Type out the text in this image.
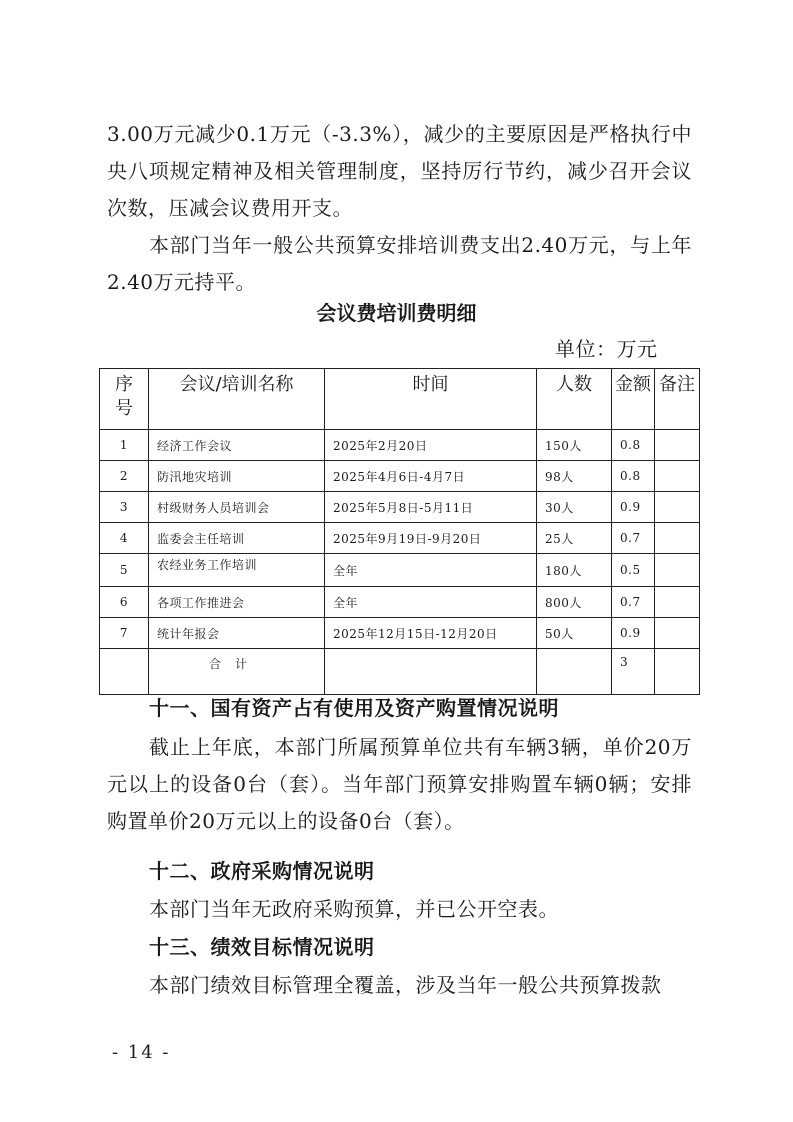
3.00万元减少0.1万元（-3.3%），减少的主要原因是严格执行中央八项规定精神及相关管理制度，坚持厉行节约，减少召开会议次数，压减会议费用开支。

本部门当年一般公共预算安排培训费支出2.40万元，与上年2.40万元持平。

会议费培训费明细

单位：万元

序号	会议/培训名称	时间	人数	金额	备注
1	经济工作会议	2025年2月20日	150人	0.8	
2	防汛地灾培训	2025年4月6日-4月7日	98人	0.8	
3	村级财务人员培训会	2025年5月8日-5月11日	30人	0.9	
4	监委会主任培训	2025年9月19日-9月20日	25人	0.7	
5	农经业务工作培训	全年	180人	0.5	
6	各项工作推进会	全年	800人	0.7	
7	统计年报会	2025年12月15日-12月20日	50人	0.9	
	合计			3	
十一、国有资产占有使用及资产购置情况说明

截止上年底，本部门所属预算单位共有车辆3辆，单价20万元以上的设备0台（套）。当年部门预算安排购置车辆0辆；安排购置单价20万元以上的设备0台（套）。

十二、政府采购情况说明

本部门当年无政府采购预算，并已公开空表。

十三、绩效目标情况说明

本部门绩效目标管理全覆盖，涉及当年一般公共预算拨款

- 14 -
